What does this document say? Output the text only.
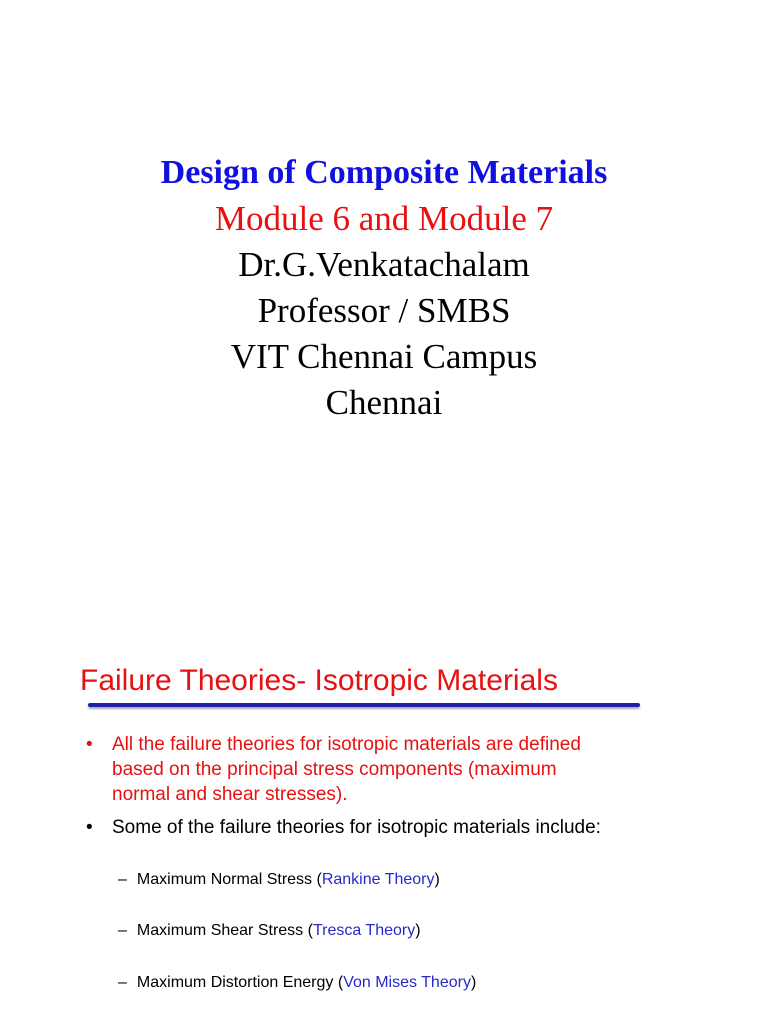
Design of Composite Materials
Module 6 and Module 7
Dr.G.Venkatachalam
Professor / SMBS
VIT Chennai Campus
Chennai
Failure Theories- Isotropic Materials
• All the failure theories for isotropic materials are defined
based on the principal stress components (maximum
normal and shear stresses).
• Some of the failure theories for isotropic materials include:
– Maximum Normal Stress (Rankine Theory)
– Maximum Shear Stress (Tresca Theory)
– Maximum Distortion Energy (Von Mises Theory)
